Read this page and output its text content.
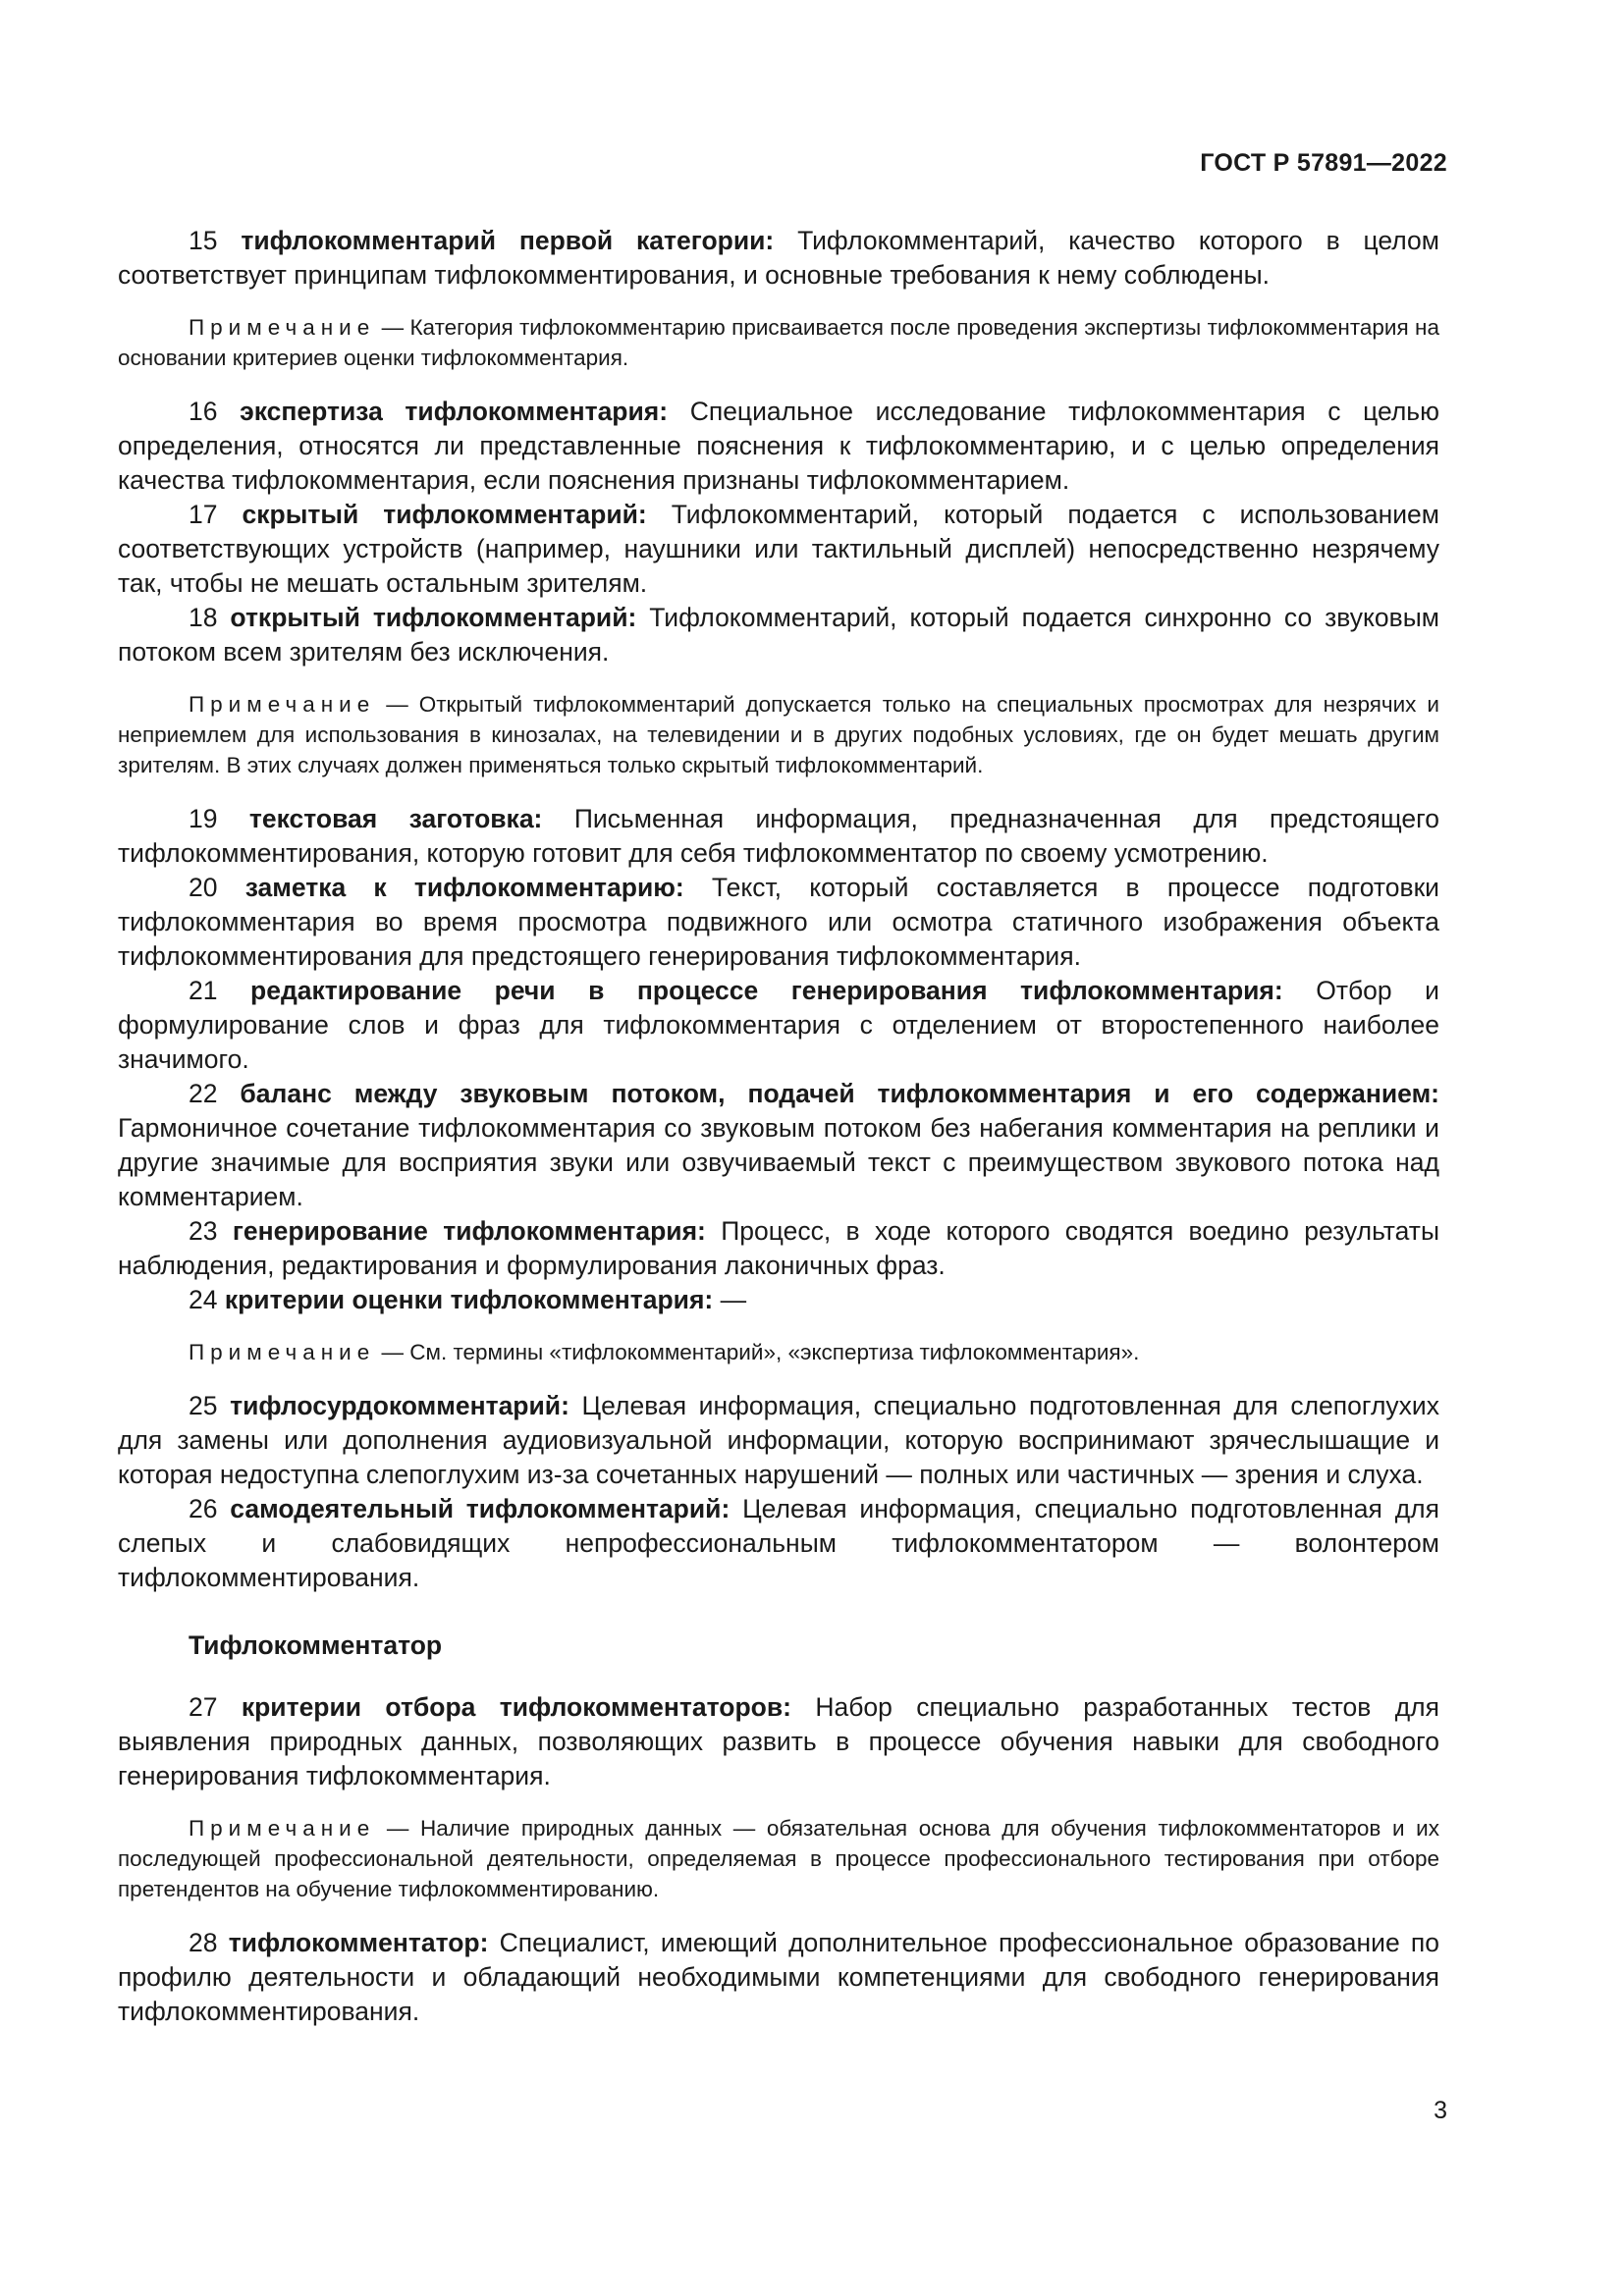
ГОСТ Р 57891—2022

15 тифлокомментарий первой категории: Тифлокомментарий, качество которого в целом соответствует принципам тифлокомментирования, и основные требования к нему соблюдены.

Примечание — Категория тифлокомментарию присваивается после проведения экспертизы тифлокомментария на основании критериев оценки тифлокомментария.

16 экспертиза тифлокомментария: Специальное исследование тифлокомментария с целью определения, относятся ли представленные пояснения к тифлокомментарию, и с целью определения качества тифлокомментария, если пояснения признаны тифлокомментарием.

17 скрытый тифлокомментарий: Тифлокомментарий, который подается с использованием соответствующих устройств (например, наушники или тактильный дисплей) непосредственно незрячему так, чтобы не мешать остальным зрителям.

18 открытый тифлокомментарий: Тифлокомментарий, который подается синхронно со звуковым потоком всем зрителям без исключения.

Примечание — Открытый тифлокомментарий допускается только на специальных просмотрах для незрячих и неприемлем для использования в кинозалах, на телевидении и в других подобных условиях, где он будет мешать другим зрителям. В этих случаях должен применяться только скрытый тифлокомментарий.

19 текстовая заготовка: Письменная информация, предназначенная для предстоящего тифлокомментирования, которую готовит для себя тифлокомментатор по своему усмотрению.

20 заметка к тифлокомментарию: Текст, который составляется в процессе подготовки тифлокомментария во время просмотра подвижного или осмотра статичного изображения объекта тифлокомментирования для предстоящего генерирования тифлокомментария.

21 редактирование речи в процессе генерирования тифлокомментария: Отбор и формулирование слов и фраз для тифлокомментария с отделением от второстепенного наиболее значимого.

22 баланс между звуковым потоком, подачей тифлокомментария и его содержанием: Гармоничное сочетание тифлокомментария со звуковым потоком без набегания комментария на реплики и другие значимые для восприятия звуки или озвучиваемый текст с преимуществом звукового потока над комментарием.

23 генерирование тифлокомментария: Процесс, в ходе которого сводятся воедино результаты наблюдения, редактирования и формулирования лаконичных фраз.

24 критерии оценки тифлокомментария: —

Примечание — См. термины «тифлокомментарий», «экспертиза тифлокомментария».

25 тифлосурдокомментарий: Целевая информация, специально подготовленная для слепоглухих для замены или дополнения аудиовизуальной информации, которую воспринимают зрячеслышащие и которая недоступна слепоглухим из-за сочетанных нарушений — полных или частичных — зрения и слуха.

26 самодеятельный тифлокомментарий: Целевая информация, специально подготовленная для слепых и слабовидящих непрофессиональным тифлокомментатором — волонтером тифлокомментирования.

Тифлокомментатор

27 критерии отбора тифлокомментаторов: Набор специально разработанных тестов для выявления природных данных, позволяющих развить в процессе обучения навыки для свободного генерирования тифлокомментария.

Примечание — Наличие природных данных — обязательная основа для обучения тифлокомментаторов и их последующей профессиональной деятельности, определяемая в процессе профессионального тестирования при отборе претендентов на обучение тифлокомментированию.

28 тифлокомментатор: Специалист, имеющий дополнительное профессиональное образование по профилю деятельности и обладающий необходимыми компетенциями для свободного генерирования тифлокомментирования.

3
